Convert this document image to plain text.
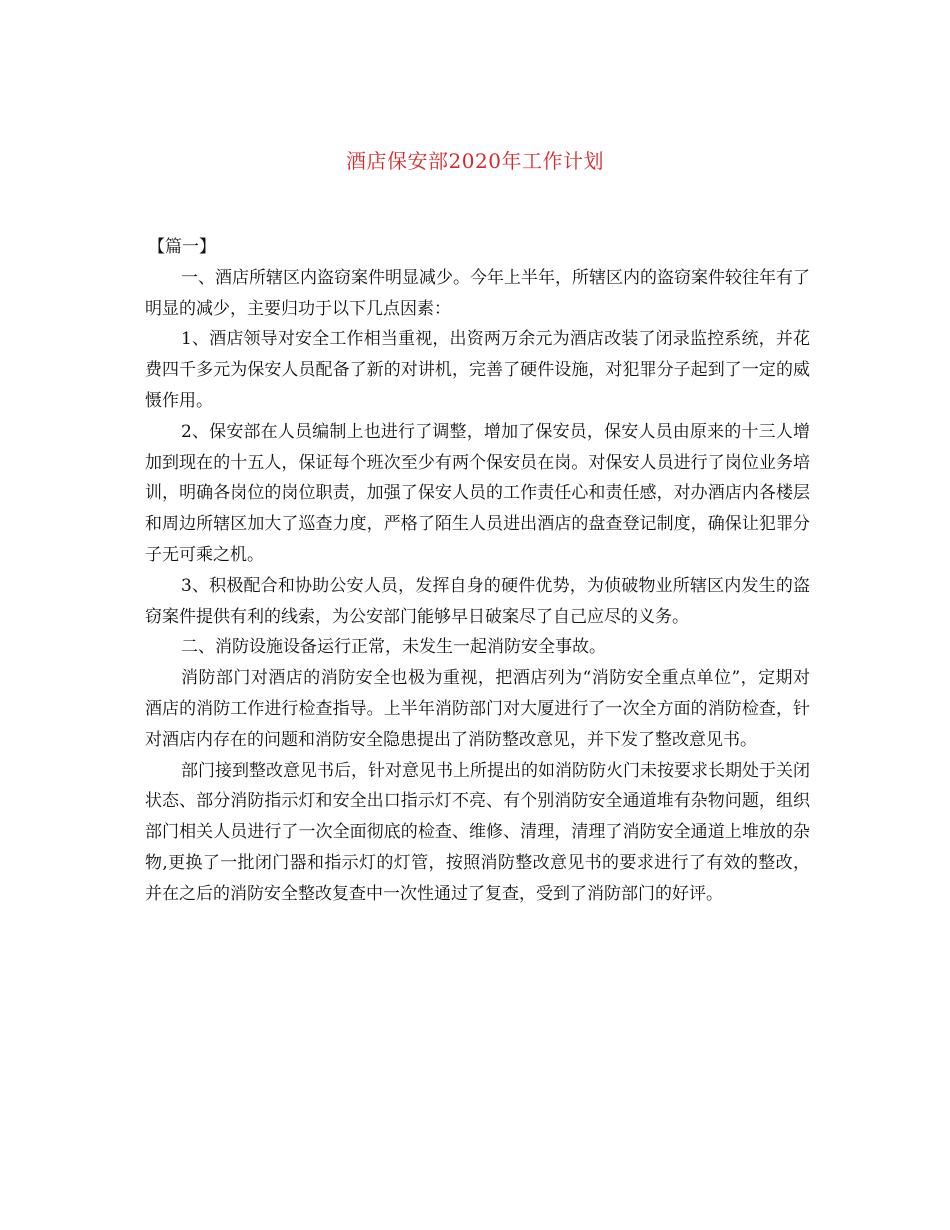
酒店保安部2020年工作计划

【篇一】

一、酒店所辖区内盗窃案件明显减少。今年上半年，所辖区内的盗窃案件较往年有了明显的减少，主要归功于以下几点因素：

1、酒店领导对安全工作相当重视，出资两万余元为酒店改装了闭录监控系统，并花费四千多元为保安人员配备了新的对讲机，完善了硬件设施，对犯罪分子起到了一定的威慑作用。

2、保安部在人员编制上也进行了调整，增加了保安员，保安人员由原来的十三人增加到现在的十五人，保证每个班次至少有两个保安员在岗。对保安人员进行了岗位业务培训，明确各岗位的岗位职责，加强了保安人员的工作责任心和责任感，对办酒店内各楼层和周边所辖区加大了巡查力度，严格了陌生人员进出酒店的盘查登记制度，确保让犯罪分子无可乘之机。

3、积极配合和协助公安人员，发挥自身的硬件优势，为侦破物业所辖区内发生的盗窃案件提供有利的线索，为公安部门能够早日破案尽了自己应尽的义务。

二、消防设施设备运行正常，未发生一起消防安全事故。

消防部门对酒店的消防安全也极为重视，把酒店列为“消防安全重点单位”，定期对酒店的消防工作进行检查指导。上半年消防部门对大厦进行了一次全方面的消防检查，针对酒店内存在的问题和消防安全隐患提出了消防整改意见，并下发了整改意见书。

部门接到整改意见书后，针对意见书上所提出的如消防防火门未按要求长期处于关闭状态、部分消防指示灯和安全出口指示灯不亮、有个别消防安全通道堆有杂物问题，组织部门相关人员进行了一次全面彻底的检查、维修、清理，清理了消防安全通道上堆放的杂物,更换了一批闭门器和指示灯的灯管，按照消防整改意见书的要求进行了有效的整改，并在之后的消防安全整改复查中一次性通过了复查，受到了消防部门的好评。
